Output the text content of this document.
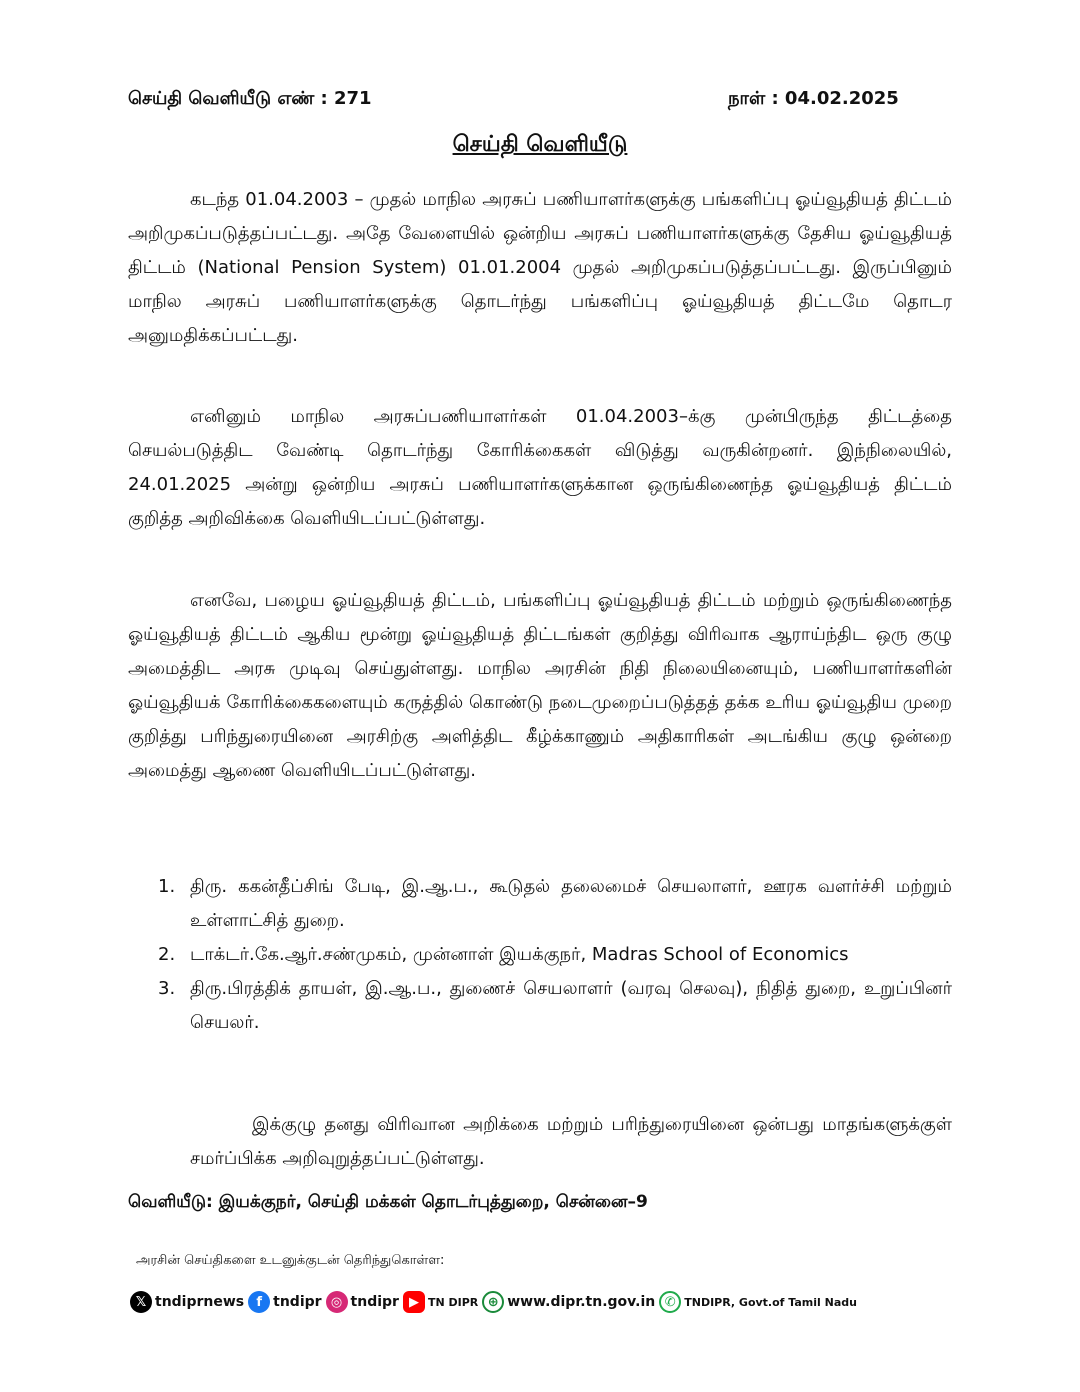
செய்தி வெளியீடு எண் : 271	நாள் : 04.02.2025
செய்தி வெளியீடு

கடந்த 01.04.2003 – முதல் மாநில அரசுப் பணியாளர்களுக்கு பங்களிப்பு ஓய்வூதியத் திட்டம் அறிமுகப்படுத்தப்பட்டது. அதே வேளையில் ஒன்றிய அரசுப் பணியாளர்களுக்கு தேசிய ஓய்வூதியத் திட்டம் (National Pension System) 01.01.2004 முதல் அறிமுகப்படுத்தப்பட்டது. இருப்பினும் மாநில அரசுப் பணியாளர்களுக்கு தொடர்ந்து பங்களிப்பு ஓய்வூதியத் திட்டமே தொடர அனுமதிக்கப்பட்டது.

எனினும் மாநில அரசுப்பணியாளர்கள் 01.04.2003–க்கு முன்பிருந்த திட்டத்தை செயல்படுத்திட வேண்டி தொடர்ந்து கோரிக்கைகள் விடுத்து வருகின்றனர். இந்நிலையில், 24.01.2025 அன்று ஒன்றிய அரசுப் பணியாளர்களுக்கான ஒருங்கிணைந்த ஓய்வூதியத் திட்டம் குறித்த அறிவிக்கை வெளியிடப்பட்டுள்ளது.

எனவே, பழைய ஓய்வூதியத் திட்டம், பங்களிப்பு ஓய்வூதியத் திட்டம் மற்றும் ஒருங்கிணைந்த ஓய்வூதியத் திட்டம் ஆகிய மூன்று ஓய்வூதியத் திட்டங்கள் குறித்து விரிவாக ஆராய்ந்திட ஒரு குழு அமைத்திட அரசு முடிவு செய்துள்ளது. மாநில அரசின் நிதி நிலையினையும், பணியாளர்களின் ஓய்வூதியக் கோரிக்கைகளையும் கருத்தில் கொண்டு நடைமுறைப்படுத்தத் தக்க உரிய ஓய்வூதிய முறை குறித்து பரிந்துரையினை அரசிற்கு அளித்திட கீழ்க்காணும் அதிகாரிகள் அடங்கிய குழு ஒன்றை அமைத்து ஆணை வெளியிடப்பட்டுள்ளது.

1. திரு. ககன்தீப்சிங் பேடி, இ.ஆ.ப., கூடுதல் தலைமைச் செயலாளர், ஊரக வளர்ச்சி மற்றும் உள்ளாட்சித் துறை.
2. டாக்டர்.கே.ஆர்.சண்முகம், முன்னாள் இயக்குநர், Madras School of Economics
3. திரு.பிரத்திக் தாயள், இ.ஆ.ப., துணைச் செயலாளர் (வரவு செலவு), நிதித் துறை, உறுப்பினர் செயலர்.

இக்குழு தனது விரிவான அறிக்கை மற்றும் பரிந்துரையினை ஒன்பது மாதங்களுக்குள் சமர்ப்பிக்க அறிவுறுத்தப்பட்டுள்ளது.

வெளியீடு: இயக்குநர், செய்தி மக்கள் தொடர்புத்துறை, சென்னை–9
அரசின் செய்திகளை உடனுக்குடன் தெரிந்துகொள்ள:
𝕏 tndiprnews f tndipr ◎ tndipr ▶ TN DIPR ⊕ www.dipr.tn.gov.in ✆ TNDIPR, Govt.of Tamil Nadu
